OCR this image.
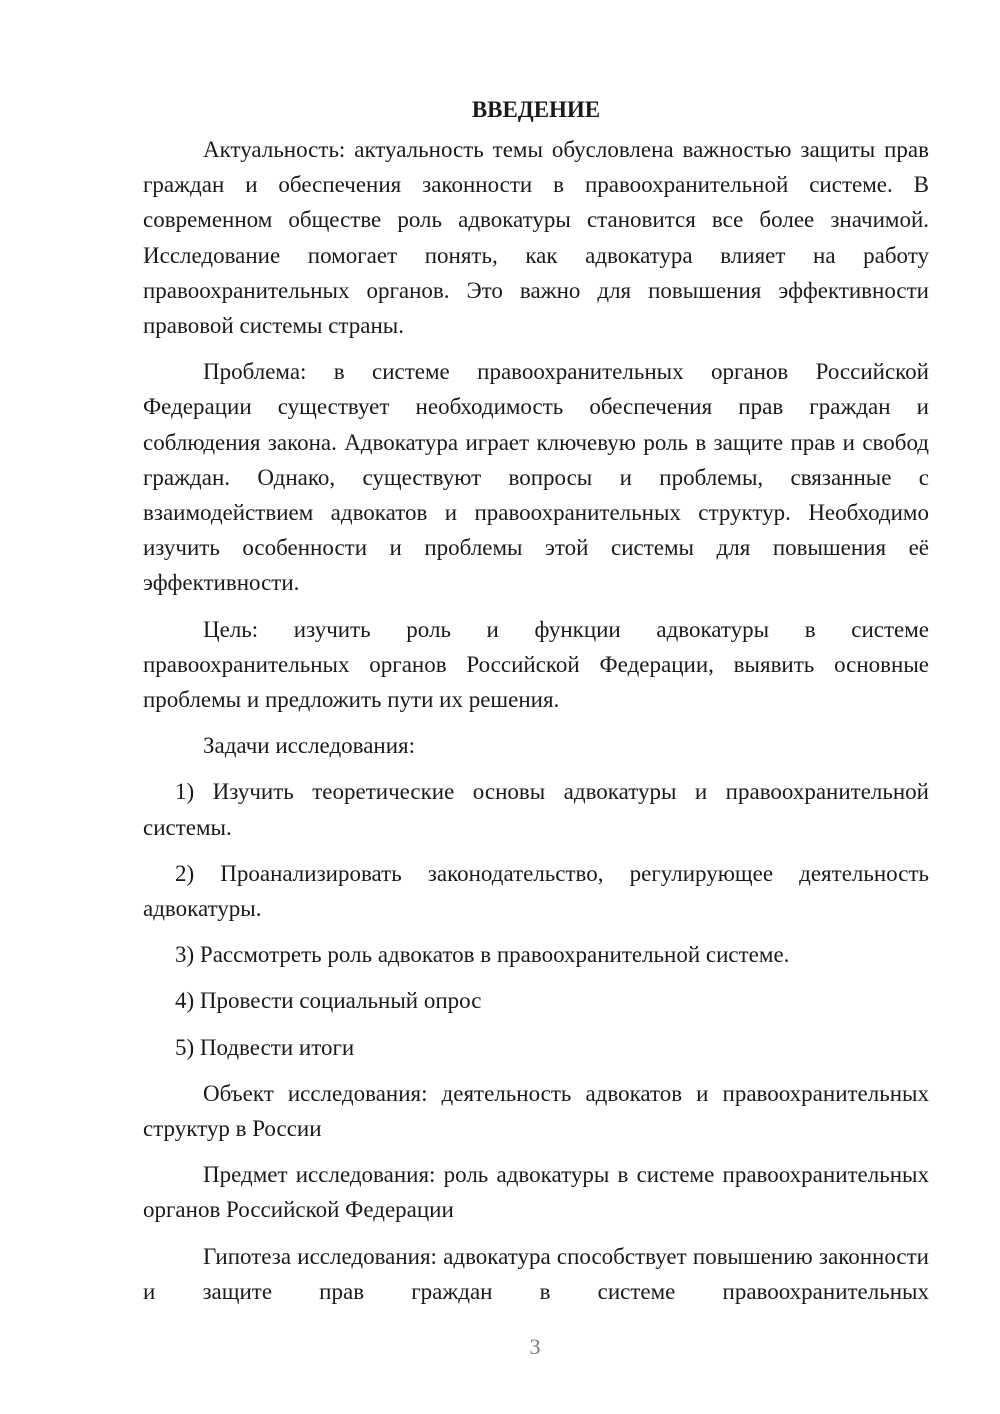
ВВЕДЕНИЕ

Актуальность: актуальность темы обусловлена важностью защиты прав граждан и обеспечения законности в правоохранительной системе. В современном обществе роль адвокатуры становится все более значимой. Исследование помогает понять, как адвокатура влияет на работу правоохранительных органов. Это важно для повышения эффективности правовой системы страны.

Проблема: в системе правоохранительных органов Российской Федерации существует необходимость обеспечения прав граждан и соблюдения закона. Адвокатура играет ключевую роль в защите прав и свобод граждан. Однако, существуют вопросы и проблемы, связанные с взаимодействием адвокатов и правоохранительных структур. Необходимо изучить особенности и проблемы этой системы для повышения её эффективности.

Цель: изучить роль и функции адвокатуры в системе правоохранительных органов Российской Федерации, выявить основные проблемы и предложить пути их решения.

Задачи исследования:

1) Изучить теоретические основы адвокатуры и правоохранительной системы.

2) Проанализировать законодательство, регулирующее деятельность адвокатуры.

3) Рассмотреть роль адвокатов в правоохранительной системе.

4) Провести социальный опрос

5) Подвести итоги

Объект исследования: деятельность адвокатов и правоохранительных структур в России

Предмет исследования: роль адвокатуры в системе правоохранительных органов Российской Федерации

Гипотеза исследования: адвокатура способствует повышению законности и защите прав граждан в системе правоохранительных

3
